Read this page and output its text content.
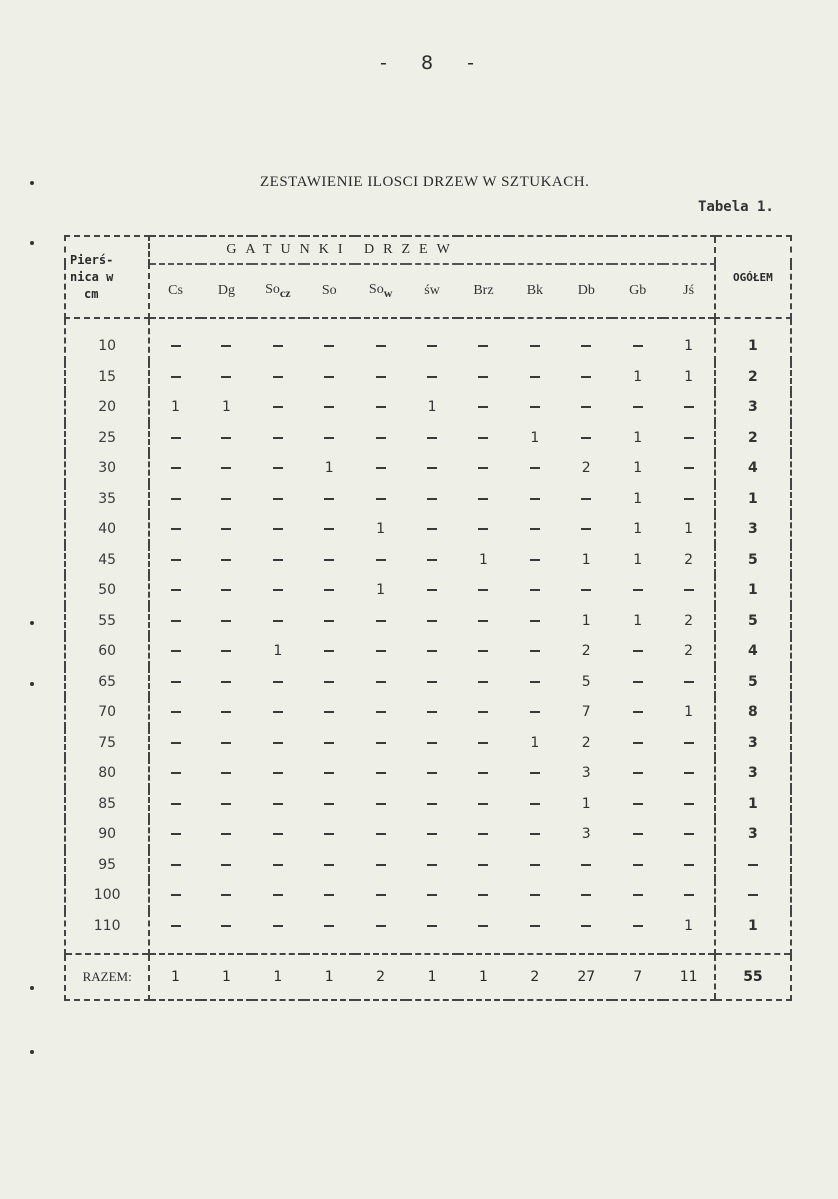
- 8 -
ZESTAWIENIE ILOSCI DRZEW W SZTUKACH.
Tabela 1.
Pierś-
nica w
cm	GATUNKI DRZEW											OGÓŁEM
	Cs	Dg	$So_{cz}$	So	$So_w$	św	Brz	Bk	Db	Gb	Jś	
10											1	1
15										1	1	2
20	1	1				1						3
25								1		1		2
30				1					2	1		4
35										1		1
40					1					1	1	3
45							1		1	1	2	5
50					1							1
55									1	1	2	5
60			1						2		2	4
65									5			5
70									7		1	8
75								1	2			3
80									3			3
85									1			1
90									3			3
95												
100												
110											1	1
RAZEM:	1	1	1	1	2	1	1	2	27	7	11	55
